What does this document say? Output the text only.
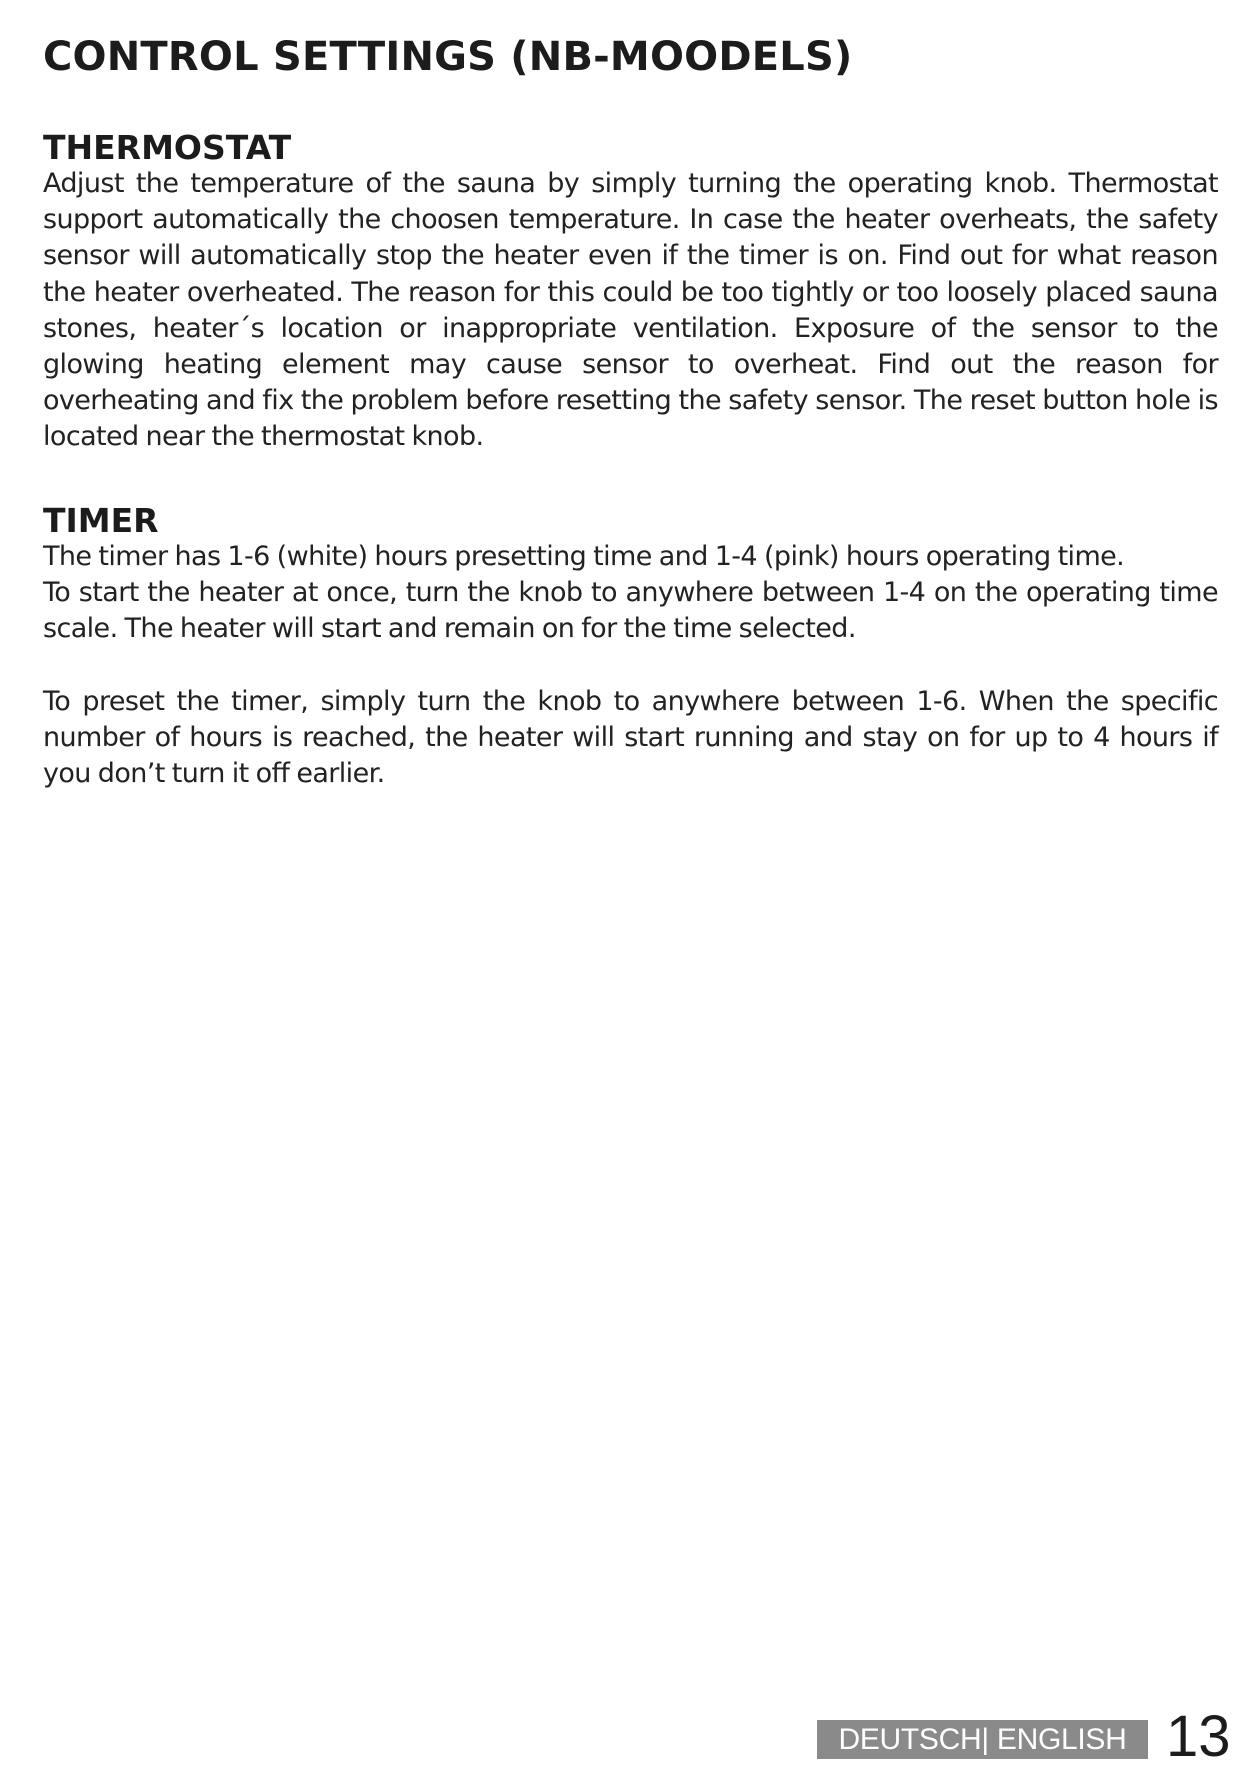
CONTROL SETTINGS (NB-MOODELS)
THERMOSTAT

Adjust the temperature of the sauna by simply turning the operating knob. Thermostat support automatically the choosen temperature. In case the heater overheats, the safety sensor will automatically stop the heater even if the timer is on. Find out for what reason the heater overheated. The reason for this could be too tightly or too loosely placed sauna stones, heater´s location or inappropriate ventilation. Exposure of the sensor to the glowing heating element may cause sensor to overheat. Find out the reason for overheating and fix the problem before resetting the safety sensor. The reset button hole is located near the thermostat knob.

TIMER

The timer has 1-6 (white) hours presetting time and 1-4 (pink) hours operating time.

To start the heater at once, turn the knob to anywhere between 1-4 on the operating time scale. The heater will start and remain on for the time selected.

To preset the timer, simply turn the knob to anywhere between 1-6. When the specific number of hours is reached, the heater will start running and stay on for up to 4 hours if you don’t turn it off earlier.

DEUTSCH| ENGLISH 13
